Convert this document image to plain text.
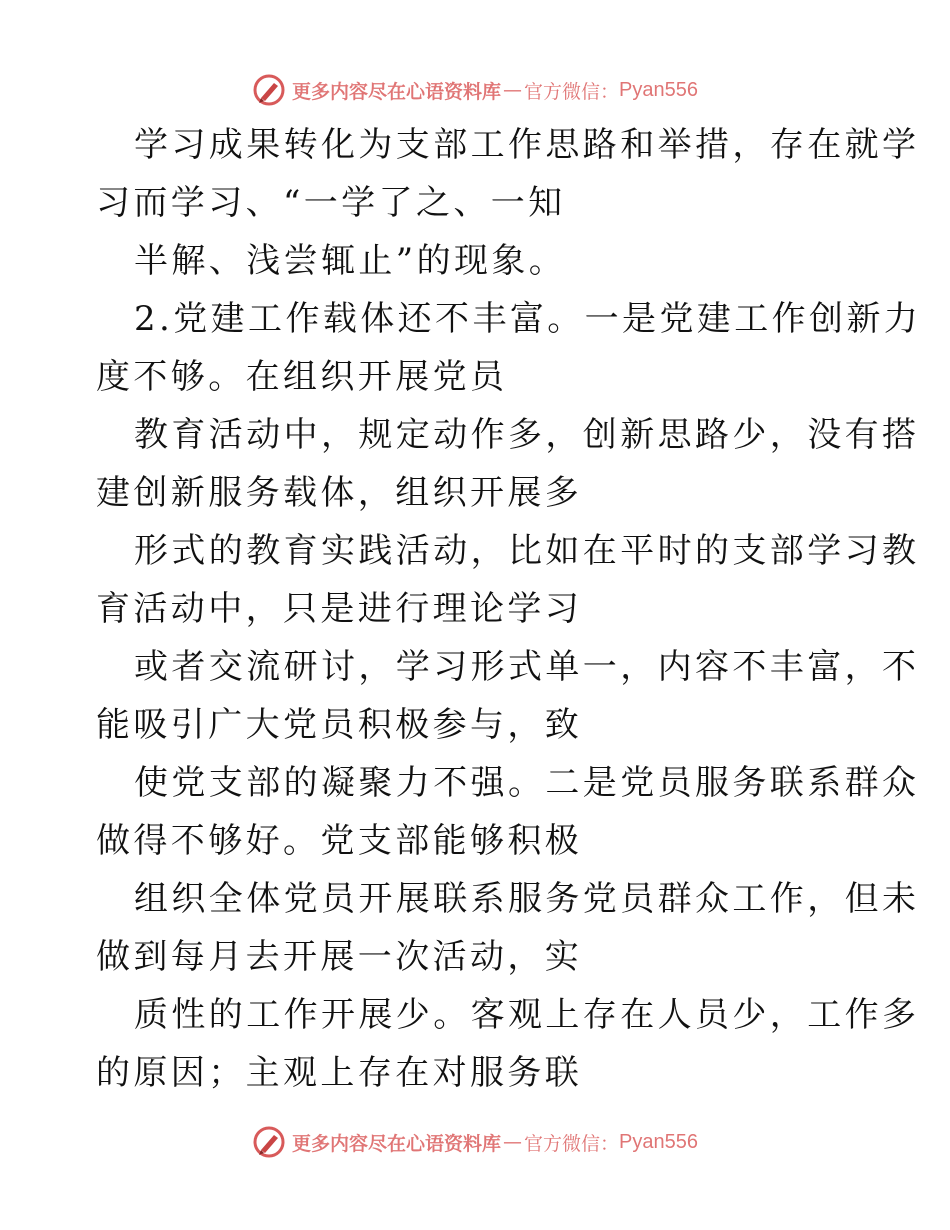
更多内容尽在心语资料库 — 官方微信： Pyan556
学习成果转化为支部工作思路和举措，存在就学
习而学习、“一学了之、一知
半解、浅尝辄止”的现象。
2.党建工作载体还不丰富。一是党建工作创新力
度不够。在组织开展党员
教育活动中，规定动作多，创新思路少，没有搭
建创新服务载体，组织开展多
形式的教育实践活动，比如在平时的支部学习教
育活动中，只是进行理论学习
或者交流研讨，学习形式单一，内容不丰富，不
能吸引广大党员积极参与，致
使党支部的凝聚力不强。二是党员服务联系群众
做得不够好。党支部能够积极
组织全体党员开展联系服务党员群众工作，但未
做到每月去开展一次活动，实
质性的工作开展少。客观上存在人员少，工作多
的原因；主观上存在对服务联
更多内容尽在心语资料库 — 官方微信： Pyan556
